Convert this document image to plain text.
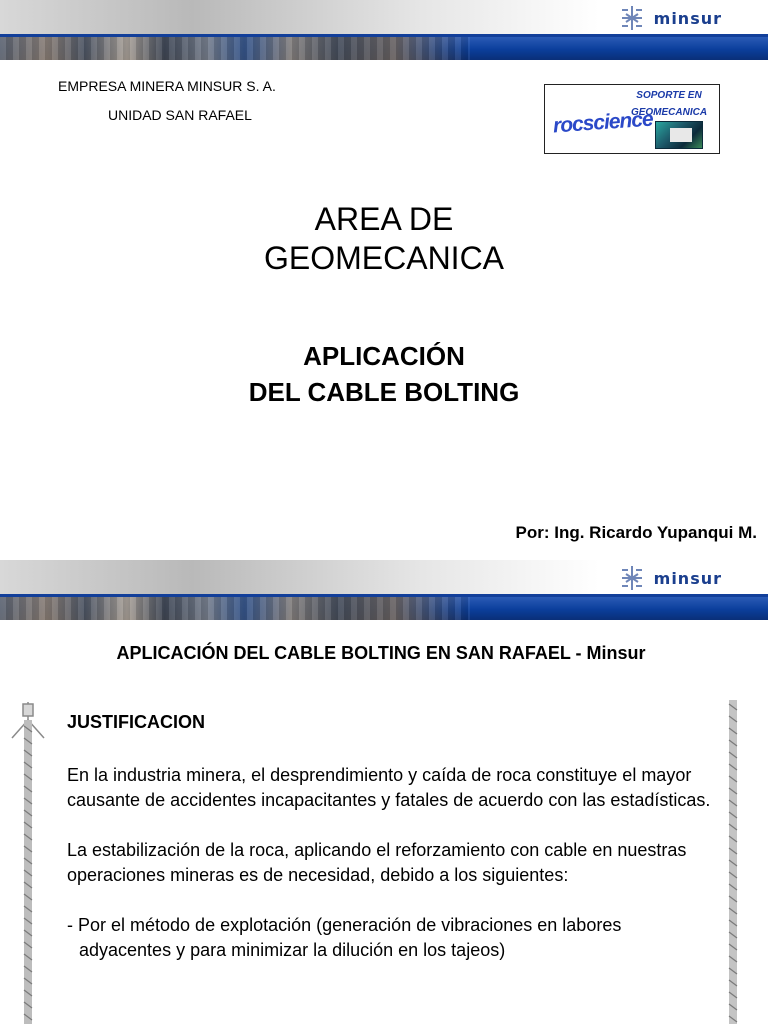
minsur
EMPRESA MINERA MINSUR S. A.
UNIDAD SAN RAFAEL
SOPORTE EN
GEOMECANICA
rocscience
AREA DE
GEOMECANICA
APLICACIÓN
DEL CABLE BOLTING
Por: Ing. Ricardo Yupanqui M.
minsur
APLICACIÓN DEL CABLE BOLTING EN SAN RAFAEL - Minsur
JUSTIFICACION

En la industria minera, el desprendimiento y caída de roca constituye el mayor causante de accidentes incapacitantes y fatales de acuerdo con las estadísticas.

La estabilización de la roca, aplicando el reforzamiento con cable en nuestras operaciones mineras es de necesidad, debido a los siguientes:

- Por el método de explotación (generación de vibraciones en labores adyacentes y para minimizar la dilución en los tajeos)
